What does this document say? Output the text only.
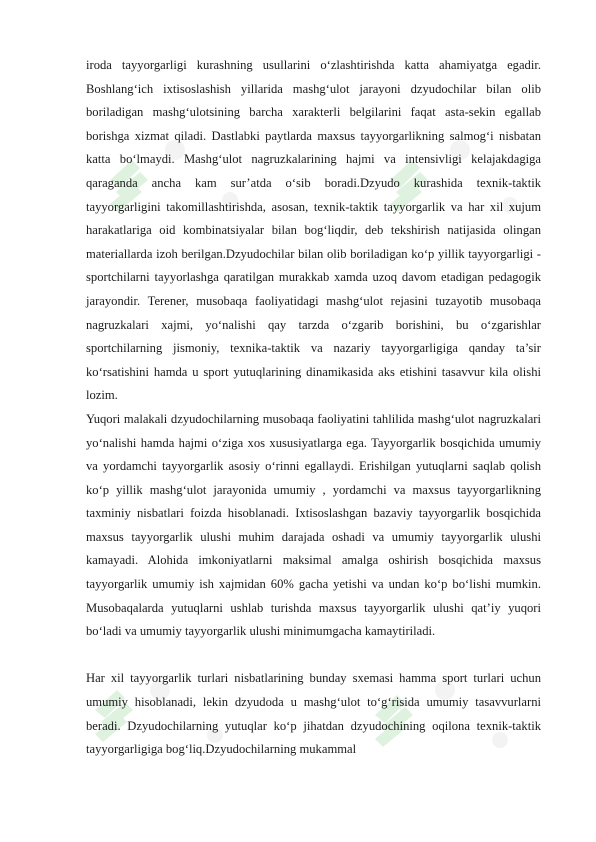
iroda tayyorgarligi kurashning usullarini o‘zlashtirishda katta ahamiyatga egadir. Boshlang‘ich ixtisoslashish yillarida mashg‘ulot jarayoni dzyudochilar bilan olib boriladigan mashg‘ulotsining barcha xarakterli belgilarini faqat asta-sekin egallab borishga xizmat qiladi. Dastlabki paytlarda maxsus tayyorgarlikning salmog‘i nisbatan katta bo‘lmaydi. Mashg‘ulot nagruzkalarining hajmi va intensivligi kelajakdagiga qaraganda ancha kam sur’atda o‘sib boradi.Dzyudo kurashida texnik-taktik tayyorgarligini takomillashtirishda, asosan, texnik-taktik tayyorgarlik va har xil xujum harakatlariga oid kombinatsiyalar bilan bog‘liqdir, deb tekshirish natijasida olingan materiallarda izoh berilgan.Dzyudochilar bilan olib boriladigan ko‘p yillik tayyorgarligi - sportchilarni tayyorlashga qaratilgan murakkab xamda uzoq davom etadigan pedagogik jarayondir. Terener, musobaqa faoliyatidagi mashg‘ulot rejasini tuzayotib musobaqa nagruzkalari xajmi, yo‘nalishi qay tarzda o‘zgarib borishini, bu o‘zgarishlar sportchilarning jismoniy, texnika-taktik va nazariy tayyorgarligiga qanday ta’sir ko‘rsatishini hamda u sport yutuqlarining dinamikasida aks etishini tasavvur kila olishi lozim.

Yuqori malakali dzyudochilarning musobaqa faoliyatini tahlilida mashg‘ulot nagruzkalari yo‘nalishi hamda hajmi o‘ziga xos xususiyatlarga ega. Tayyorgarlik bosqichida umumiy va yordamchi tayyorgarlik asosiy o‘rinni egallaydi. Erishilgan yutuqlarni saqlab qolish ko‘p yillik mashg‘ulot jarayonida umumiy , yordamchi va maxsus tayyorgarlikning taxminiy nisbatlari foizda hisoblanadi. Ixtisoslashgan bazaviy tayyorgarlik bosqichida maxsus tayyorgarlik ulushi muhim darajada oshadi va umumiy tayyorgarlik ulushi kamayadi. Alohida imkoniyatlarni maksimal amalga oshirish bosqichida maxsus tayyorgarlik umumiy ish xajmidan 60% gacha yetishi va undan ko‘p bo‘lishi mumkin. Musobaqalarda yutuqlarni ushlab turishda maxsus tayyorgarlik ulushi qat’iy yuqori bo‘ladi va umumiy tayyorgarlik ulushi minimumgacha kamaytiriladi.

Har xil tayyorgarlik turlari nisbatlarining bunday sxemasi hamma sport turlari uchun umumiy hisoblanadi, lekin dzyudoda u mashg‘ulot to‘g‘risida umumiy tasavvurlarni beradi. Dzyudochilarning yutuqlar ko‘p jihatdan dzyudochining oqilona texnik-taktik tayyorgarligiga bog‘liq.Dzyudochilarning mukammal
